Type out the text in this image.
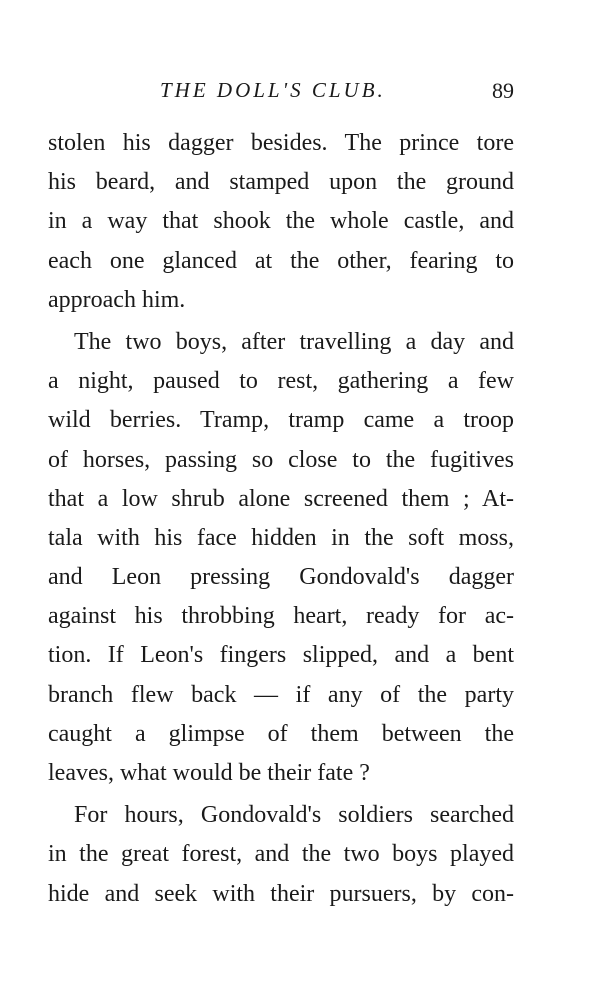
THE DOLL'S CLUB.	89
stolen his dagger besides. The prince tore
his beard, and stamped upon the ground
in a way that shook the whole castle, and
each one glanced at the other, fearing to
approach him.
The two boys, after travelling a day and
a night, paused to rest, gathering a few
wild berries. Tramp, tramp came a troop
of horses, passing so close to the fugitives
that a low shrub alone screened them ; At-
tala with his face hidden in the soft moss,
and Leon pressing Gondovald's dagger
against his throbbing heart, ready for ac-
tion. If Leon's fingers slipped, and a bent
branch flew back — if any of the party
caught a glimpse of them between the
leaves, what would be their fate ?
For hours, Gondovald's soldiers searched
in the great forest, and the two boys played
hide and seek with their pursuers, by con-
